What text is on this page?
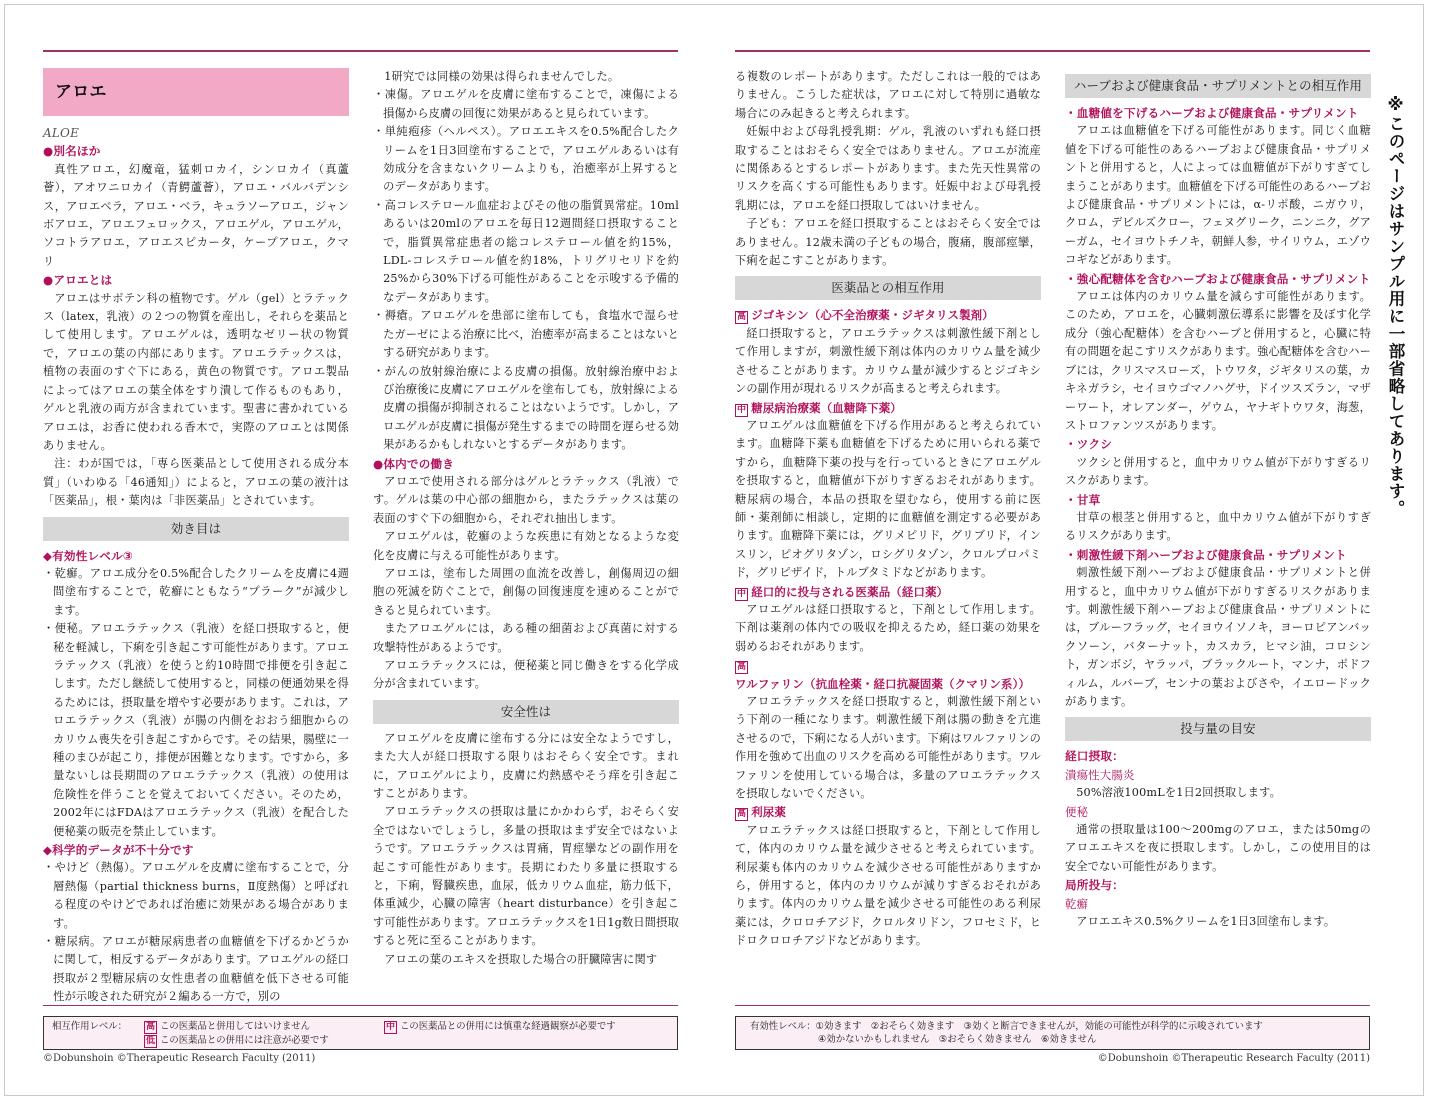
アロエ
ALOE
●別名ほか
真性アロエ，幻魔竜，猛刺ロカイ，シンロカイ（真蘆薈），アオワニロカイ（青鰐蘆薈），アロエ・バルバデンシス，アロエベラ，アロエ・ベラ，キュラソーアロエ，ジャンボアロエ，アロエフェロックス，アロエゲル，アロエゲル，ソコトラアロエ，アロエスピカータ，ケープアロエ，クマリ
●アロエとは
アロエはサボテン科の植物です。ゲル（gel）とラテックス（latex，乳液）の２つの物質を産出し，それらを薬品として使用します。アロエゲルは，透明なゼリー状の物質で，アロエの葉の内部にあります。アロエラテックスは，植物の表面のすぐ下にある，黄色の物質です。アロエ製品によってはアロエの葉全体をすり潰して作るものもあり，ゲルと乳液の両方が含まれています。聖書に書かれているアロエは，お香に使われる香木で，実際のアロエとは関係ありません。
注：わが国では，「専ら医薬品として使用される成分本質」（いわゆる「46通知」）によると，アロエの葉の液汁は「医薬品」，根・葉肉は「非医薬品」とされています。
効き目は
◆有効性レベル③
・乾癬。アロエ成分を0.5%配合したクリームを皮膚に4週間塗布することで，乾癬にともなう“プラーク”が減少します。
・便秘。アロエラテックス（乳液）を経口摂取すると，便秘を軽減し，下痢を引き起こす可能性があります。アロエラテックス（乳液）を使うと約10時間で排便を引き起こします。ただし継続して使用すると，同様の便通効果を得るためには，摂取量を増やす必要があります。これは，アロエラテックス（乳液）が腸の内側をおおう細胞からのカリウム喪失を引き起こすからです。その結果，腸壁に一種のまひが起こり，排便が困難となります。ですから，多量ないしは長期間のアロエラテックス（乳液）の使用は危険性を伴うことを覚えておいてください。そのため，2002年にはFDAはアロエラテックス（乳液）を配合した便秘薬の販売を禁止しています。
◆科学的データが不十分です
・やけど（熱傷）。アロエゲルを皮膚に塗布することで，分層熱傷（partial thickness burns，Ⅱ度熱傷）と呼ばれる程度のやけどであれば治癒に効果がある場合があります。
・糖尿病。アロエが糖尿病患者の血糖値を下げるかどうかに関して，相反するデータがあります。アロエゲルの経口摂取が２型糖尿病の女性患者の血糖値を低下させる可能性が示唆された研究が２編ある一方で，別の
1研究では同様の効果は得られませんでした。
・凍傷。アロエゲルを皮膚に塗布することで，凍傷による損傷から皮膚の回復に効果があると見られています。
・単純疱疹（ヘルペス）。アロエエキスを0.5%配合したクリームを1日3回塗布することで，アロエゲルあるいは有効成分を含まないクリームよりも，治癒率が上昇するとのデータがあります。
・高コレステロール血症およびその他の脂質異常症。10mlあるいは20mlのアロエを毎日12週間経口摂取することで，脂質異常症患者の総コレステロール値を約15%，LDL-コレステロール値を約18%，トリグリセリドを約25%から30%下げる可能性があることを示唆する予備的なデータがあります。
・褥瘡。アロエゲルを患部に塗布しても，食塩水で湿らせたガーゼによる治療に比べ，治癒率が高まることはないとする研究があります。
・がんの放射線治療による皮膚の損傷。放射線治療中および治療後に皮膚にアロエゲルを塗布しても，放射線による皮膚の損傷が抑制されることはないようです。しかし，アロエゲルが皮膚に損傷が発生するまでの時間を遅らせる効果があるかもしれないとするデータがあります。
●体内での働き
アロエで使用される部分はゲルとラテックス（乳液）です。ゲルは葉の中心部の細胞から，またラテックスは葉の表面のすぐ下の細胞から，それぞれ抽出します。
アロエゲルは，乾癬のような疾患に有効となるような変化を皮膚に与える可能性があります。
アロエは，塗布した周囲の血流を改善し，創傷周辺の細胞の死滅を防ぐことで，創傷の回復速度を速めることができると見られています。
またアロエゲルには，ある種の細菌および真菌に対する攻撃特性があるようです。
アロエラテックスには，便秘薬と同じ働きをする化学成分が含まれています。
安全性は
アロエゲルを皮膚に塗布する分には安全なようですし，また大人が経口摂取する限りはおそらく安全です。まれに，アロエゲルにより，皮膚に灼熱感やそう痒を引き起こすことがあります。
アロエラテックスの摂取は量にかかわらず，おそらく安全ではないでしょうし，多量の摂取はまず安全ではないようです。アロエラテックスは胃痛，胃痙攣などの副作用を起こす可能性があります。長期にわたり多量に摂取すると，下痢，腎臓疾患，血尿，低カリウム血症，筋力低下，体重減少，心臓の障害（heart disturbance）を引き起こす可能性があります。アロエラテックスを1日1g数日間摂取すると死に至ることがあります。
アロエの葉のエキスを摂取した場合の肝臓障害に関す
相互作用レベル：	高 この医薬品と併用してはいけません	中 この医薬品との併用には慎重な経過観察が必要です
低 この医薬品との併用には注意が必要です
©Dobunshoin ©Therapeutic Research Faculty (2011)
る複数のレポートがあります。ただしこれは一般的ではありません。こうした症状は，アロエに対して特別に過敏な場合にのみ起きると考えられます。
妊娠中および母乳授乳期：ゲル，乳液のいずれも経口摂取することはおそらく安全ではありません。アロエが流産に関係あるとするレポートがあります。また先天性異常のリスクを高くする可能性もあります。妊娠中および母乳授乳期には，アロエを経口摂取してはいけません。
子ども：アロエを経口摂取することはおそらく安全ではありません。12歳未満の子どもの場合，腹痛，腹部痙攣，下痢を起こすことがあります。
医薬品との相互作用
高 ジゴキシン（心不全治療薬・ジギタリス製剤）
経口摂取すると，アロエラテックスは刺激性緩下剤として作用しますが，刺激性緩下剤は体内のカリウム量を減少させることがあります。カリウム量が減少するとジゴキシンの副作用が現れるリスクが高まると考えられます。
中 糖尿病治療薬（血糖降下薬）
アロエゲルは血糖値を下げる作用があると考えられています。血糖降下薬も血糖値を下げるために用いられる薬ですから，血糖降下薬の投与を行っているときにアロエゲルを摂取すると，血糖値が下がりすぎるおそれがあります。糖尿病の場合，本品の摂取を望むなら，使用する前に医師・薬剤師に相談し，定期的に血糖値を測定する必要があります。血糖降下薬には，グリメピリド，グリブリド，インスリン，ピオグリタゾン，ロシグリタゾン，クロルプロパミド，グリピザイド，トルブタミドなどがあります。
中 経口的に投与される医薬品（経口薬）
アロエゲルは経口摂取すると，下剤として作用します。下剤は薬剤の体内での吸収を抑えるため，経口薬の効果を弱めるおそれがあります。
高ワルファリン（抗血栓薬・経口抗凝固薬（クマリン系））
アロエラテックスを経口摂取すると，刺激性緩下剤という下剤の一種になります。刺激性緩下剤は腸の動きを亢進させるので，下痢になる人がいます。下痢はワルファリンの作用を強めて出血のリスクを高める可能性があります。ワルファリンを使用している場合は，多量のアロエラテックスを摂取しないでください。
高 利尿薬
アロエラテックスは経口摂取すると，下剤として作用して，体内のカリウム量を減少させると考えられています。利尿薬も体内のカリウムを減少させる可能性がありますから，併用すると，体内のカリウムが減りすぎるおそれがあります。体内のカリウム量を減少させる可能性のある利尿薬には，クロロチアジド，クロルタリドン，フロセミド，ヒドロクロロチアジドなどがあります。
ハーブおよび健康食品・サプリメントとの相互作用
・血糖値を下げるハーブおよび健康食品・サプリメント
アロエは血糖値を下げる可能性があります。同じく血糖値を下げる可能性のあるハーブおよび健康食品・サプリメントと併用すると，人によっては血糖値が下がりすぎてしまうことがあります。血糖値を下げる可能性のあるハーブおよび健康食品・サプリメントには，α-リポ酸，ニガウリ，クロム，デビルズクロー，フェヌグリーク，ニンニク，グアーガム，セイヨウトチノキ，朝鮮人参，サイリウム，エゾウコギなどがあります。
・強心配糖体を含むハーブおよび健康食品・サプリメント
アロエは体内のカリウム量を減らす可能性があります。このため，アロエを，心臓刺激伝導系に影響を及ぼす化学成分（強心配糖体）を含むハーブと併用すると，心臓に特有の問題を起こすリスクがあります。強心配糖体を含むハーブには，クリスマスローズ，トウワタ，ジギタリスの葉，カキネガラシ，セイヨウゴマノハグサ，ドイツスズラン，マザーワート，オレアンダー，ゲウム，ヤナギトウワタ，海葱，ストロファンツスがあります。
・ツクシ
ツクシと併用すると，血中カリウム値が下がりすぎるリスクがあります。
・甘草
甘草の根茎と併用すると，血中カリウム値が下がりすぎるリスクがあります。
・刺激性緩下剤ハーブおよび健康食品・サプリメント
刺激性緩下剤ハーブおよび健康食品・サプリメントと併用すると，血中カリウム値が下がりすぎるリスクがあります。刺激性緩下剤ハーブおよび健康食品・サプリメントには，ブルーフラッグ，セイヨウイソノキ，ヨーロピアンバックソーン，バターナット，カスカラ，ヒマシ油，コロシント，ガンボジ，ヤラッパ，ブラックルート，マンナ，ポドフィルム，ルバーブ，センナの葉およびさや，イエロードックがあります。
投与量の目安
経口摂取：
潰瘍性大腸炎
50%溶液100mLを1日2回摂取します。
便秘
通常の摂取量は100～200mgのアロエ，または50mgのアロエエキスを夜に摂取します。しかし，この使用目的は安全でない可能性があります。
局所投与：
乾癬
アロエエキス0.5%クリームを1日3回塗布します。
有効性レベル：①効きます　②おそらく効きます　③効くと断言できませんが，効能の可能性が科学的に示唆されています
④効かないかもしれません　⑤おそらく効きません　⑥効きません
©Dobunshoin ©Therapeutic Research Faculty (2011)
※このページはサンプル用に一部省略してあります。
